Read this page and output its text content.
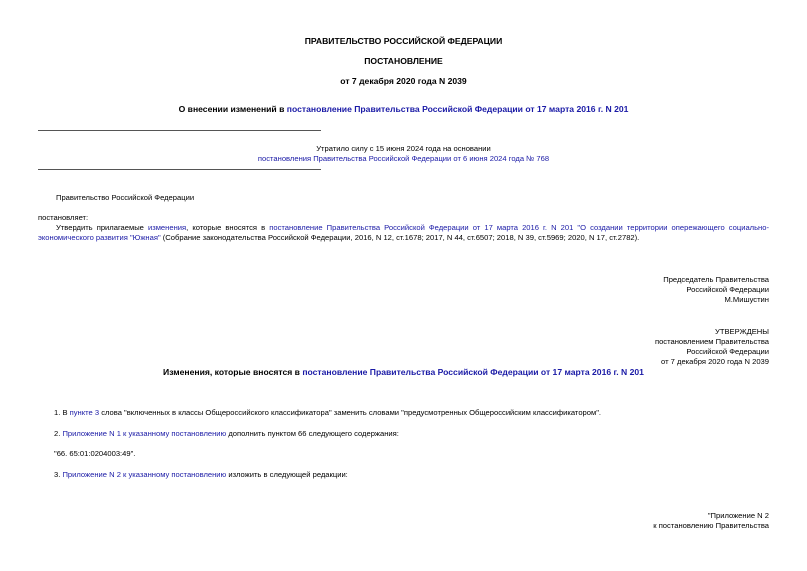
ПРАВИТЕЛЬСТВО РОССИЙСКОЙ ФЕДЕРАЦИИ
ПОСТАНОВЛЕНИЕ
от 7 декабря 2020 года N 2039
О внесении изменений в постановление Правительства Российской Федерации от 17 марта 2016 г. N 201
Утратило силу с 15 июня 2024 года на основании
постановления Правительства Российской Федерации от 6 июня 2024 года № 768
Правительство Российской Федерации
постановляет:
Утвердить прилагаемые изменения, которые вносятся в постановление Правительства Российской Федерации от 17 марта 2016 г. N 201 "О создании территории опережающего социально-экономического развития "Южная" (Собрание законодательства Российской Федерации, 2016, N 12, ст.1678; 2017, N 44, ст.6507; 2018, N 39, ст.5969; 2020, N 17, ст.2782).
Председатель Правительства
Российской Федерации
М.Мишустин
УТВЕРЖДЕНЫ
постановлением Правительства
Российской Федерации
от 7 декабря 2020 года N 2039
Изменения, которые вносятся в постановление Правительства Российской Федерации от 17 марта 2016 г. N 201
1. В пункте 3 слова "включенных в классы Общероссийского классификатора" заменить словами "предусмотренных Общероссийским классификатором".
2. Приложение N 1 к указанному постановлению дополнить пунктом 66 следующего содержания:
"66. 65:01:0204003:49".
3. Приложение N 2 к указанному постановлению изложить в следующей редакции:
"Приложение N 2
к постановлению Правительства
